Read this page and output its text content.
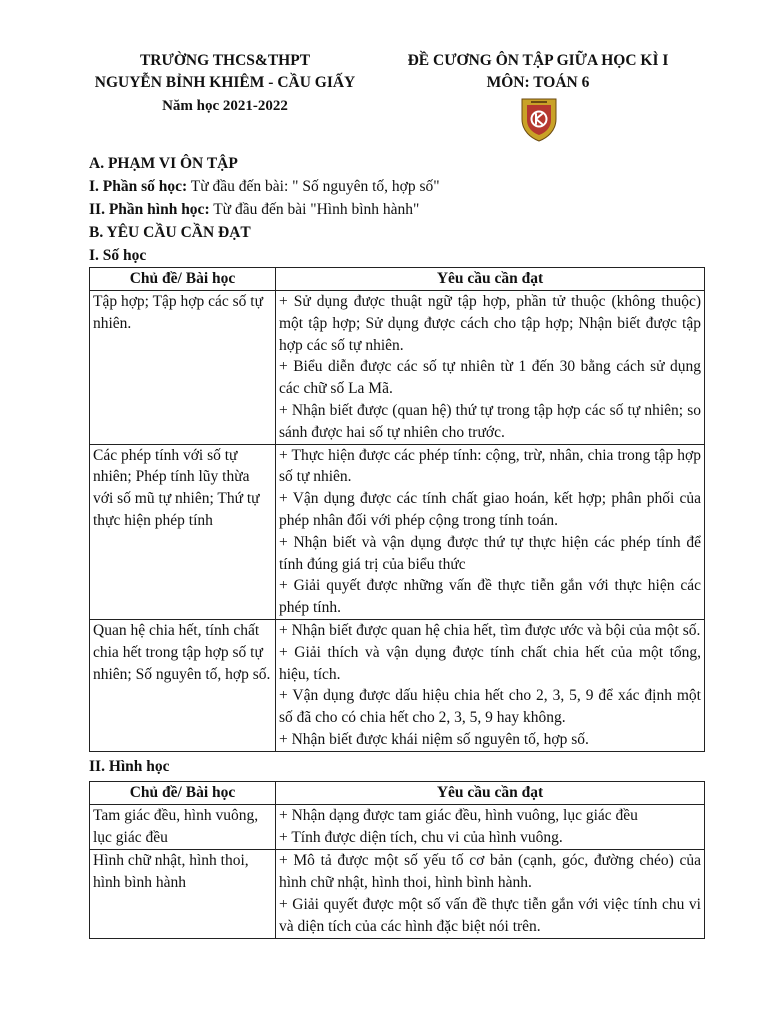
TRƯỜNG THCS&THPT
NGUYỄN BỈNH KHIÊM - CẦU GIẤY
Năm học 2021-2022
ĐỀ CƯƠNG ÔN TẬP GIỮA HỌC KÌ I
MÔN: TOÁN 6
A. PHẠM VI ÔN TẬP
I. Phần số học: Từ đầu đến bài: " Số nguyên tố, hợp số"
II. Phần hình học: Từ đầu đến bài "Hình bình hành"
B. YÊU CẦU CẦN ĐẠT
I. Số học
Chủ đề/ Bài học	Yêu cầu cần đạt
Tập hợp; Tập hợp các số tự nhiên.	+ Sử dụng được thuật ngữ tập hợp, phần tử thuộc (không thuộc) một tập hợp; Sử dụng được cách cho tập hợp; Nhận biết được tập hợp các số tự nhiên.
+ Biểu diễn được các số tự nhiên từ 1 đến 30 bằng cách sử dụng các chữ số La Mã.
+ Nhận biết được (quan hệ) thứ tự trong tập hợp các số tự nhiên; so sánh được hai số tự nhiên cho trước.

Các phép tính với số tự nhiên; Phép tính lũy thừa với số mũ tự nhiên; Thứ tự thực hiện phép tính	+ Thực hiện được các phép tính: cộng, trừ, nhân, chia trong tập hợp số tự nhiên.
+ Vận dụng được các tính chất giao hoán, kết hợp; phân phối của phép nhân đối với phép cộng trong tính toán.
+ Nhận biết và vận dụng được thứ tự thực hiện các phép tính để tính đúng giá trị của biểu thức
+ Giải quyết được những vấn đề thực tiễn gắn với thực hiện các phép tính.

Quan hệ chia hết, tính chất chia hết trong tập hợp số tự nhiên; Số nguyên tố, hợp số.	+ Nhận biết được quan hệ chia hết, tìm được ước và bội của một số.
+ Giải thích và vận dụng được tính chất chia hết của một tổng, hiệu, tích.
+ Vận dụng được dấu hiệu chia hết cho 2, 3, 5, 9 để xác định một số đã cho có chia hết cho 2, 3, 5, 9 hay không.
+ Nhận biết được khái niệm số nguyên tố, hợp số.
II. Hình học
Chủ đề/ Bài học	Yêu cầu cần đạt
Tam giác đều, hình vuông, lục giác đều	+ Nhận dạng được tam giác đều, hình vuông, lục giác đều
+ Tính được diện tích, chu vi của hình vuông.

Hình chữ nhật, hình thoi, hình bình hành	+ Mô tả được một số yếu tố cơ bản (cạnh, góc, đường chéo) của hình chữ nhật, hình thoi, hình bình hành.
+ Giải quyết được một số vấn đề thực tiễn gắn với việc tính chu vi và diện tích của các hình đặc biệt nói trên.
